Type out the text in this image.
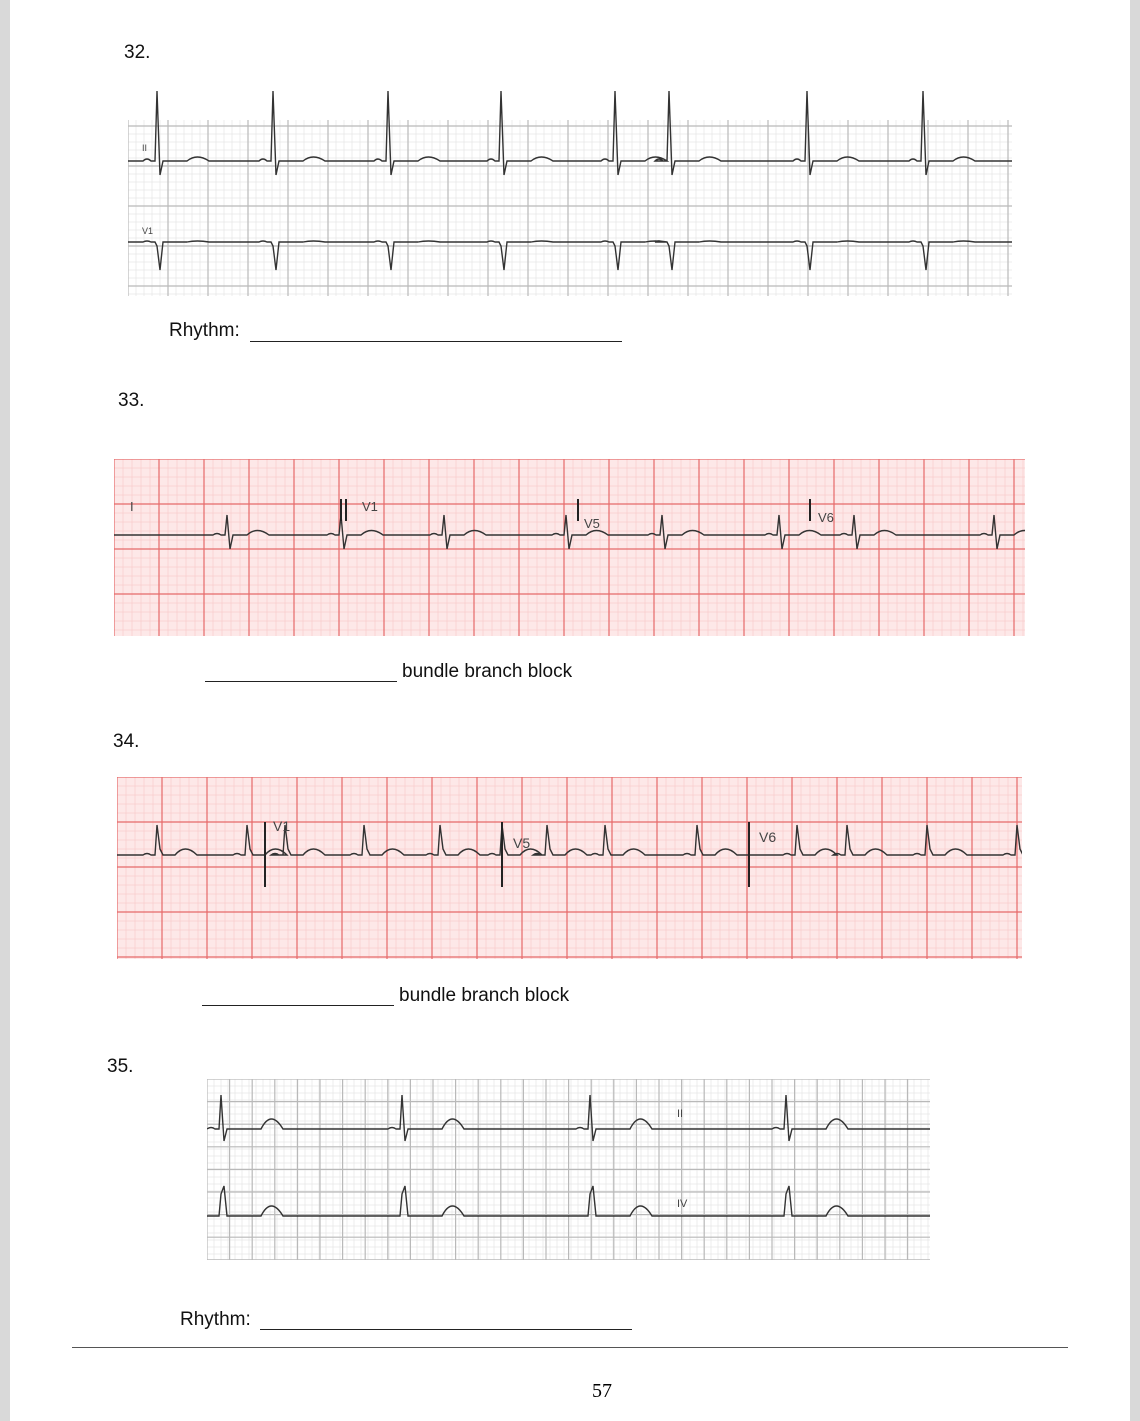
32.
II
V1
Rhythm:
33.
I	V1
V5	V6
bundle branch block
34.
V1
V5	V6
bundle branch block
35.
II
IV
Rhythm:
57
